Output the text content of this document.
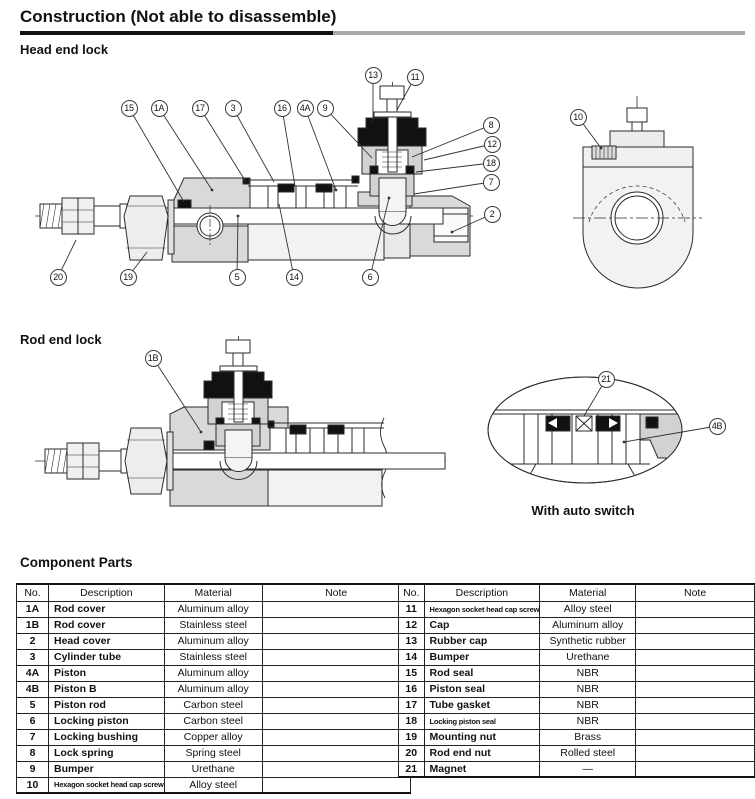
15	1A	17	3	16	4A	9
13	11
8
12
18
7
2
10
20	19	5	14	6
1B
21
4B
Construction (Not able to disassemble)
Head end lock
Rod end lock
With auto switch
Component Parts
No.	Description	Material	Note
1A	Rod cover	Aluminum alloy	
1B	Rod cover	Stainless steel	
2	Head cover	Aluminum alloy	
3	Cylinder tube	Stainless steel	
4A	Piston	Aluminum alloy	
4B	Piston B	Aluminum alloy	
5	Piston rod	Carbon steel	
6	Locking piston	Carbon steel	
7	Locking bushing	Copper alloy	
8	Lock spring	Spring steel	
9	Bumper	Urethane	
10	Hexagon socket head cap screw	Alloy steel	
No.	Description	Material	Note
11	Hexagon socket head cap screw	Alloy steel	
12	Cap	Aluminum alloy	
13	Rubber cap	Synthetic rubber	
14	Bumper	Urethane	
15	Rod seal	NBR	
16	Piston seal	NBR	
17	Tube gasket	NBR	
18	Locking piston seal	NBR	
19	Mounting nut	Brass	
20	Rod end nut	Rolled steel	
21	Magnet	—	
